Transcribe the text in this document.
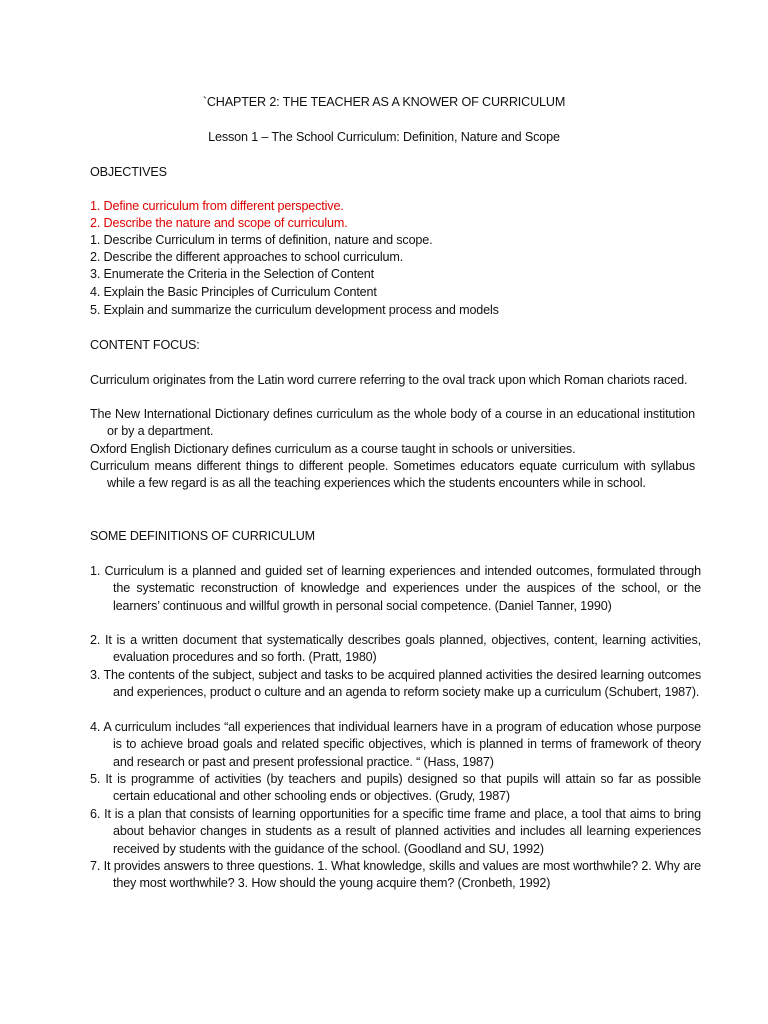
`CHAPTER 2: THE TEACHER AS A KNOWER OF CURRICULUM
Lesson 1 – The School Curriculum: Definition, Nature and Scope
OBJECTIVES
1. Define curriculum from different perspective.
2. Describe the nature and scope of curriculum.
1. Describe Curriculum in terms of definition, nature and scope.
2. Describe the different approaches to school curriculum.
3. Enumerate the Criteria in the Selection of Content
4. Explain the Basic Principles of Curriculum Content
5. Explain and summarize the curriculum development process and models
CONTENT FOCUS:
Curriculum originates from the Latin word currere referring to the oval track upon which Roman chariots raced.
The New International Dictionary defines curriculum as the whole body of a course in an educational institution or by a department.
Oxford English Dictionary defines curriculum as a course taught in schools or universities.
Curriculum means different things to different people. Sometimes educators equate curriculum with syllabus while a few regard is as all the teaching experiences which the students encounters while in school.
SOME DEFINITIONS OF CURRICULUM
1. Curriculum is a planned and guided set of learning experiences and intended outcomes, formulated through the systematic reconstruction of knowledge and experiences under the auspices of the school, or the learners’ continuous and willful growth in personal social competence. (Daniel Tanner, 1990)
2. It is a written document that systematically describes goals planned, objectives, content, learning activities, evaluation procedures and so forth. (Pratt, 1980)
3. The contents of the subject, subject and tasks to be acquired planned activities the desired learning outcomes and experiences, product o culture and an agenda to reform society make up a curriculum (Schubert, 1987).
4. A curriculum includes “all experiences that individual learners have in a program of education whose purpose is to achieve broad goals and related specific objectives, which is planned in terms of framework of theory and research or past and present professional practice. “ (Hass, 1987)
5. It is programme of activities (by teachers and pupils) designed so that pupils will attain so far as possible certain educational and other schooling ends or objectives. (Grudy, 1987)
6. It is a plan that consists of learning opportunities for a specific time frame and place, a tool that aims to bring about behavior changes in students as a result of planned activities and includes all learning experiences received by students with the guidance of the school. (Goodland and SU, 1992)
7. It provides answers to three questions. 1. What knowledge, skills and values are most worthwhile? 2. Why are they most worthwhile? 3. How should the young acquire them? (Cronbeth, 1992)
